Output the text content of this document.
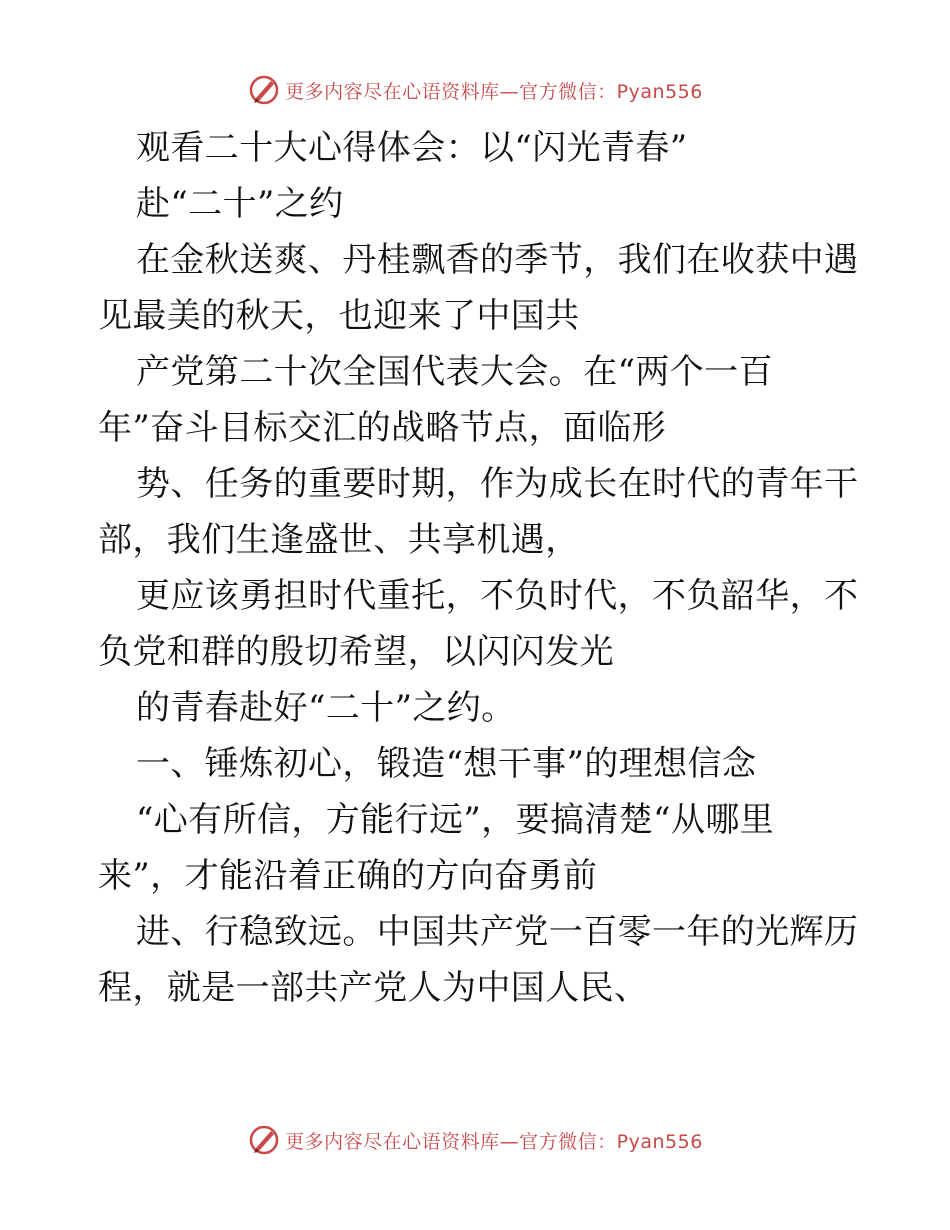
更多内容尽在心语资料库—官方微信：Pyan556
观看二十大心得体会：以“闪光青春”
赴“二十”之约
在金秋送爽、丹桂飘香的季节，我们在收获中遇
见最美的秋天，也迎来了中国共
产党第二十次全国代表大会。在“两个一百
年”奋斗目标交汇的战略节点，面临形
势、任务的重要时期，作为成长在时代的青年干
部，我们生逢盛世、共享机遇，
更应该勇担时代重托，不负时代，不负韶华，不
负党和群的殷切希望，以闪闪发光
的青春赴好“二十”之约。
一、锤炼初心，锻造“想干事”的理想信念
“心有所信，方能行远”，要搞清楚“从哪里
来”，才能沿着正确的方向奋勇前
进、行稳致远。中国共产党一百零一年的光辉历
程，就是一部共产党人为中国人民、
更多内容尽在心语资料库—官方微信：Pyan556
